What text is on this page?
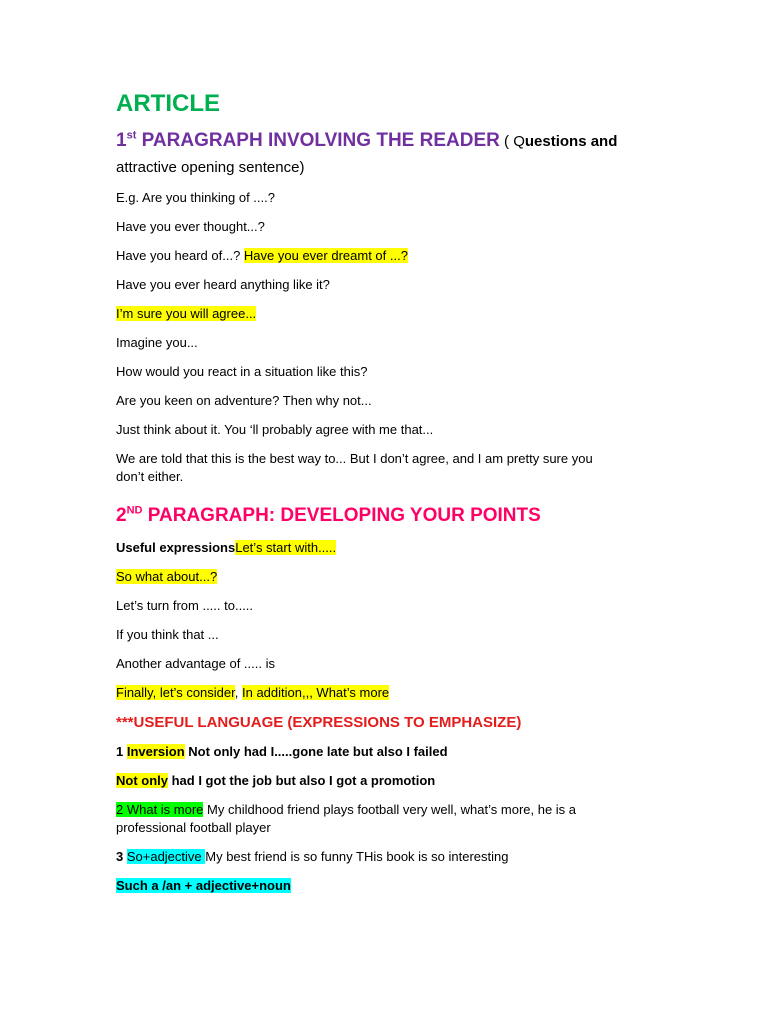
ARTICLE
1st PARAGRAPH INVOLVING THE READER ( Questions and
attractive opening sentence)
E.g. Are you thinking of ....?
Have you ever thought...?
Have you heard of...? Have you ever dreamt of ...?
Have you ever heard anything like it?
I’m sure you will agree...
Imagine you...
How would you react in a situation like this?
Are you keen on adventure? Then why not...
Just think about it. You ‘ll probably agree with me that...
We are told that this is the best way to... But I don’t agree, and I am pretty sure you
don’t either.
2ND PARAGRAPH: DEVELOPING YOUR POINTS
Useful expressionsLet’s start with.....
So what about...?
Let’s turn from ..... to.....
If you think that ...
Another advantage of ..... is
Finally, let’s consider, In addition,,, What’s more
***USEFUL LANGUAGE (EXPRESSIONS TO EMPHASIZE)
1 Inversion Not only had I.....gone late but also I failed
Not only had I got the job but also I got a promotion
2 What is more My childhood friend plays football very well, what’s more, he is a
professional football player
3 So+adjective My best friend is so funny THis book is so interesting
Such a /an + adjective+noun
